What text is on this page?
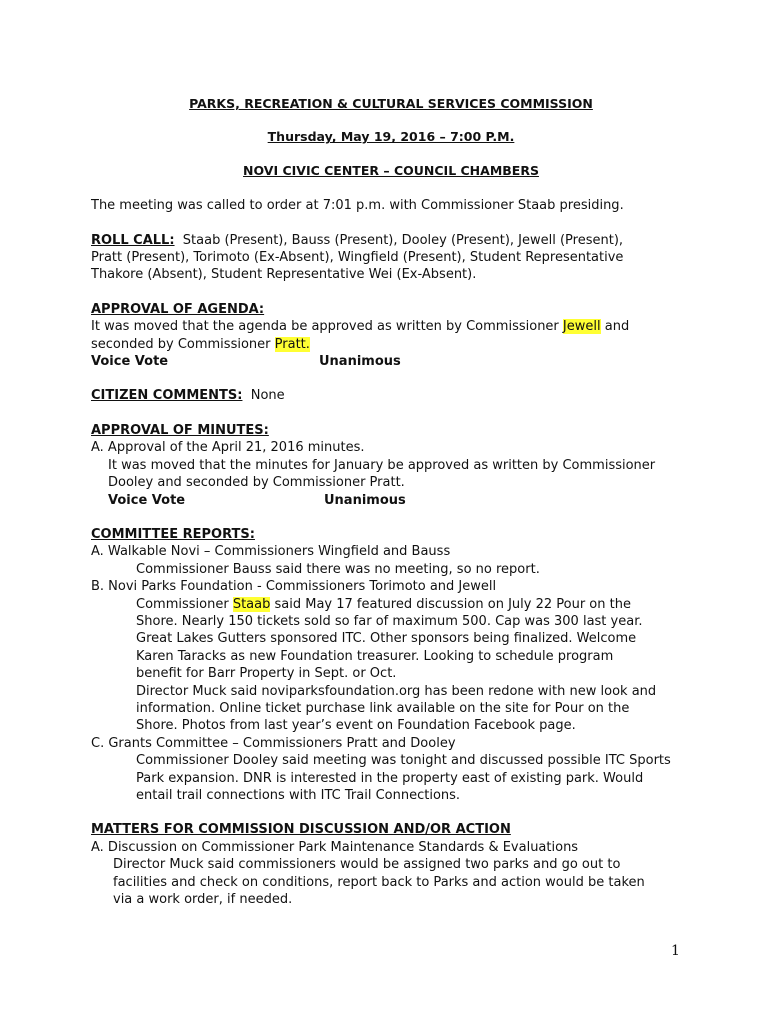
PARKS, RECREATION & CULTURAL SERVICES COMMISSION
Thursday, May 19, 2016 – 7:00 P.M.
NOVI CIVIC CENTER – COUNCIL CHAMBERS

The meeting was called to order at 7:01 p.m. with Commissioner Staab presiding.

ROLL CALL: Staab (Present), Bauss (Present), Dooley (Present), Jewell (Present),

Pratt (Present), Torimoto (Ex-Absent), Wingfield (Present), Student Representative

Thakore (Absent), Student Representative Wei (Ex-Absent).

APPROVAL OF AGENDA:

It was moved that the agenda be approved as written by Commissioner Jewell and

seconded by Commissioner Pratt.

Voice Vote	Unanimous

CITIZEN COMMENTS: None

APPROVAL OF MINUTES:

A. Approval of the April 21, 2016 minutes.

It was moved that the minutes for January be approved as written by Commissioner

Dooley and seconded by Commissioner Pratt.

Voice Vote	Unanimous

COMMITTEE REPORTS:

A. Walkable Novi – Commissioners Wingfield and Bauss

Commissioner Bauss said there was no meeting, so no report.

B. Novi Parks Foundation - Commissioners Torimoto and Jewell

Commissioner Staab said May 17 featured discussion on July 22 Pour on the

Shore. Nearly 150 tickets sold so far of maximum 500. Cap was 300 last year.

Great Lakes Gutters sponsored ITC. Other sponsors being finalized. Welcome

Karen Taracks as new Foundation treasurer. Looking to schedule program

benefit for Barr Property in Sept. or Oct.

Director Muck said noviparksfoundation.org has been redone with new look and

information. Online ticket purchase link available on the site for Pour on the

Shore. Photos from last year’s event on Foundation Facebook page.

C. Grants Committee – Commissioners Pratt and Dooley

Commissioner Dooley said meeting was tonight and discussed possible ITC Sports

Park expansion. DNR is interested in the property east of existing park. Would

entail trail connections with ITC Trail Connections.

MATTERS FOR COMMISSION DISCUSSION AND/OR ACTION

A. Discussion on Commissioner Park Maintenance Standards & Evaluations

Director Muck said commissioners would be assigned two parks and go out to

facilities and check on conditions, report back to Parks and action would be taken

via a work order, if needed.

1
